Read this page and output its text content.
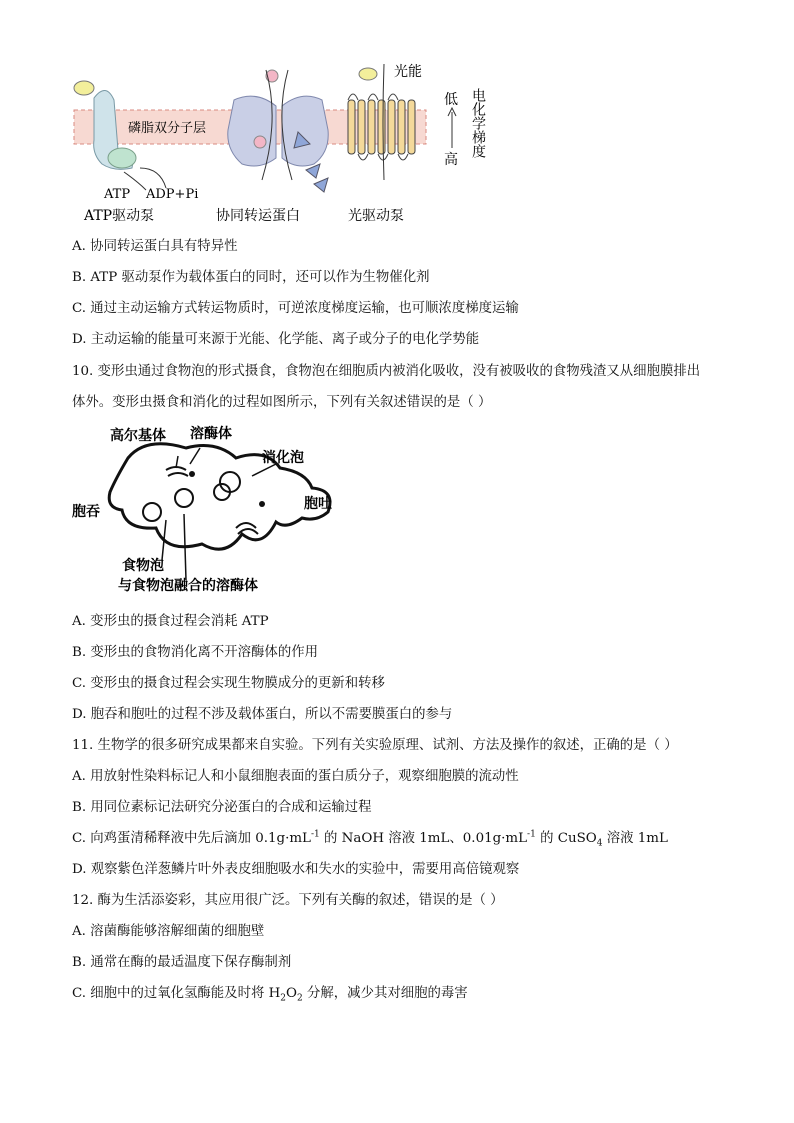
磷脂双分子层
ATP ADP+Pi
ATP驱动泵	协同转运蛋白
光能
低
高
电化学梯度
光驱动泵
A. 协同转运蛋白具有特异性
B. ATP 驱动泵作为载体蛋白的同时，还可以作为生物催化剂
C. 通过主动运输方式转运物质时，可逆浓度梯度运输，也可顺浓度梯度运输
D. 主动运输的能量可来源于光能、化学能、离子或分子的电化学势能
10. 变形虫通过食物泡的形式摄食，食物泡在细胞质内被消化吸收，没有被吸收的食物残渣又从细胞膜排出
体外。变形虫摄食和消化的过程如图所示，下列有关叙述错误的是（ ）
高尔基体 溶酶体
消化泡
胞吞	胞吐
食物泡
与食物泡融合的溶酶体
A. 变形虫的摄食过程会消耗 ATP
B. 变形虫的食物消化离不开溶酶体的作用
C. 变形虫的摄食过程会实现生物膜成分的更新和转移
D. 胞吞和胞吐的过程不涉及载体蛋白，所以不需要膜蛋白的参与
11. 生物学的很多研究成果都来自实验。下列有关实验原理、试剂、方法及操作的叙述，正确的是（ ）
A. 用放射性染料标记人和小鼠细胞表面的蛋白质分子，观察细胞膜的流动性
B. 用同位素标记法研究分泌蛋白的合成和运输过程
C. 向鸡蛋清稀释液中先后滴加 $0.1g\cdot mL^{-1}$ 的 NaOH 溶液 1mL、$0.01g\cdot mL^{-1}$ 的 CuSO$_4$ 溶液 1mL
D. 观察紫色洋葱鳞片叶外表皮细胞吸水和失水的实验中，需要用高倍镜观察
12. 酶为生活添姿彩，其应用很广泛。下列有关酶的叙述，错误的是（ ）
A. 溶菌酶能够溶解细菌的细胞壁
B. 通常在酶的最适温度下保存酶制剂
C. 细胞中的过氧化氢酶能及时将 $H_2O_2$ 分解，减少其对细胞的毒害
